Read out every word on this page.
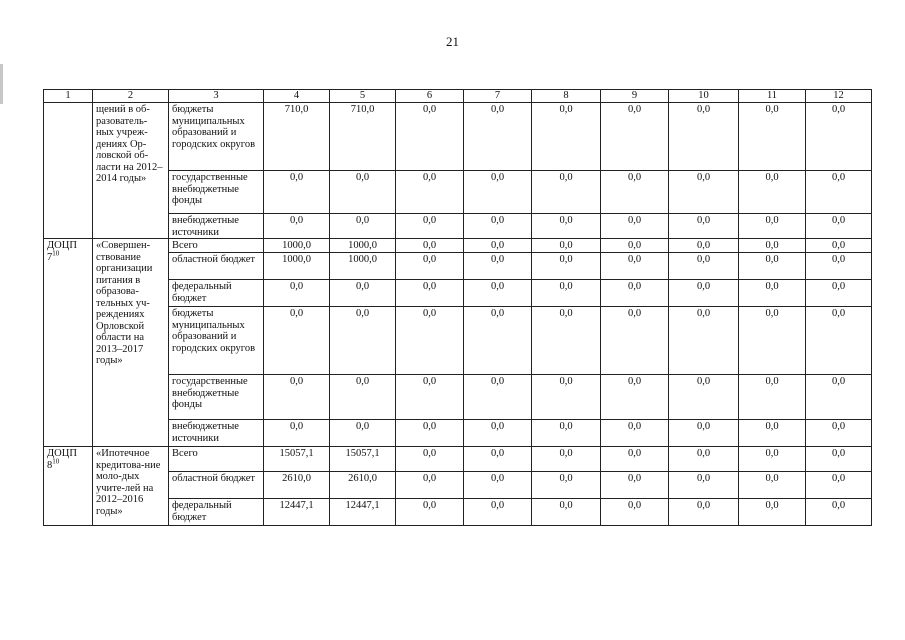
21
1	2	3	4	5	6	7	8	9	10	11	12
	щений в об-разователь-ных учреж-дениях Ор-ловской об-ласти на 2012–2014 годы»	бюджеты муниципальных образований и городских округов	710,0	710,0	0,0	0,0	0,0	0,0	0,0	0,0	0,0
		государственные внебюджетные фонды	0,0	0,0	0,0	0,0	0,0	0,0	0,0	0,0	0,0
		внебюджетные источники	0,0	0,0	0,0	0,0	0,0	0,0	0,0	0,0	0,0
ДОЦП $7^{10}$	«Совершен-ствование организации питания в образова-тельных уч-реждениях Орловской области на 2013–2017 годы»	Всего	1000,0	1000,0	0,0	0,0	0,0	0,0	0,0	0,0	0,0
		областной бюджет	1000,0	1000,0	0,0	0,0	0,0	0,0	0,0	0,0	0,0
		федеральный бюджет	0,0	0,0	0,0	0,0	0,0	0,0	0,0	0,0	0,0
		бюджеты муниципальных образований и городских округов	0,0	0,0	0,0	0,0	0,0	0,0	0,0	0,0	0,0
		государственные внебюджетные фонды	0,0	0,0	0,0	0,0	0,0	0,0	0,0	0,0	0,0
		внебюджетные источники	0,0	0,0	0,0	0,0	0,0	0,0	0,0	0,0	0,0
ДОЦП $8^{10}$	«Ипотечное кредитова-ние моло-дых учите-лей на 2012–2016 годы»	Всего	15057,1	15057,1	0,0	0,0	0,0	0,0	0,0	0,0	0,0
		областной бюджет	2610,0	2610,0	0,0	0,0	0,0	0,0	0,0	0,0	0,0
		федеральный бюджет	12447,1	12447,1	0,0	0,0	0,0	0,0	0,0	0,0	0,0
